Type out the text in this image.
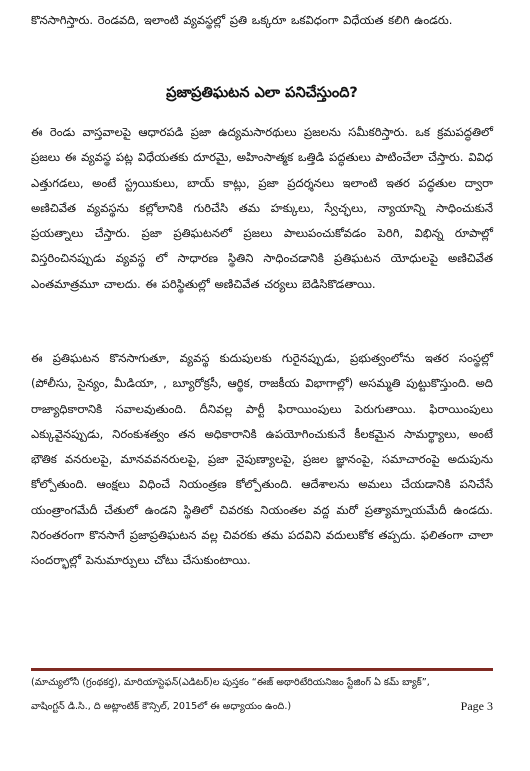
కొనసాగిస్తారు. రెండవది, ఇలాంటి వ్యవస్థల్లో ప్రతి ఒక్కరూ ఒకవిధంగా విధేయత కలిగి ఉండరు.

ప్రజాప్రతిఘటన ఎలా పనిచేస్తుంది?

ఈ రెండు వాస్తవాలపై ఆధారపడి ప్రజా ఉద్యమసారథులు ప్రజలను సమీకరిస్తారు. ఒక క్రమపద్ధతిలో ప్రజలు ఈ వ్యవస్థ పట్ల విధేయతకు దూరమై, అహింసాత్మక ఒత్తిడి పద్ధతులు పాటించేలా చేస్తారు. వివిధ ఎత్తుగడలు, అంటే స్ట్రయికులు, బాయ్ కాట్లు, ప్రజా ప్రదర్శనలు ఇలాంటి ఇతర పద్ధతుల ద్వారా అణిచివేత వ్యవస్థను కల్లోలానికి గురిచేసి తమ హక్కులు, స్వేచ్ఛలు, న్యాయాన్ని సాధించుకునే ప్రయత్నాలు చేస్తారు. ప్రజా ప్రతిఘటనలో ప్రజలు పాలుపంచుకోవడం పెరిగి, విభిన్న రూపాల్లో విస్తరించినప్పుడు వ్యవస్థ లో సాధారణ స్థితిని సాధించడానికి ప్రతిఘటన యోధులపై అణిచివేత ఎంతమాత్రమూ చాలదు. ఈ పరిస్థితుల్లో అణిచివేత చర్యలు బెడిసికొడతాయి.

ఈ ప్రతిఘటన కొనసాగుతూ, వ్యవస్థ కుదుపులకు గురైనప్పుడు, ప్రభుత్వంలోను ఇతర సంస్థల్లో (పోలీసు, సైన్యం, మీడియా, , బ్యూరోక్రసీ, ఆర్థిక, రాజకీయ విభాగాల్లో) అసమ్మతి పుట్టుకొస్తుంది. అది రాజ్యాధికారానికి సవాలవుతుంది. దీనివల్ల పార్టీ ఫిరాయింపులు పెరుగుతాయి. ఫిరాయింపులు ఎక్కువైనప్పుడు, నిరంకుశత్వం తన అధికారానికి ఉపయోగించుకునే కీలకమైన సామర్థ్యాలు, అంటే భౌతిక వనరులపై, మానవవనరులపై, ప్రజా నైపుణ్యాలపై, ప్రజల జ్ఞానంపై, సమాచారంపై అదుపును కోల్పోతుంది. ఆంక్షలు విధించే నియంత్రణ కోల్పోతుంది. ఆదేశాలను అమలు చేయడానికి పనిచేసే యంత్రాంగమేదీ చేతులో ఉండని స్థితిలో చివరకు నియంతల వద్ద మరో ప్రత్యామ్నాయమేదీ ఉండదు. నిరంతరంగా కొనసాగే ప్రజాప్రతిఘటన వల్ల చివరకు తమ పదవిని వదులుకోక తప్పదు. ఫలితంగా చాలా సందర్భాల్లో పెనుమార్పులు చోటు చేసుకుంటాయి.

(మాచ్యులోనీ (గ్రంథకర్త), మారియాస్టెఫన్(ఎడిటర్)ల పుస్తకం “ఈజ్ అథారిటేరియనిజం స్టేజింగ్ ఏ కమ్ బ్యాక్”,

వాషింగ్టన్ డి.సి., ది అట్లాంటిక్ కౌన్సిల్, 2015లో ఈ అధ్యాయం ఉంది.)	Page 3
